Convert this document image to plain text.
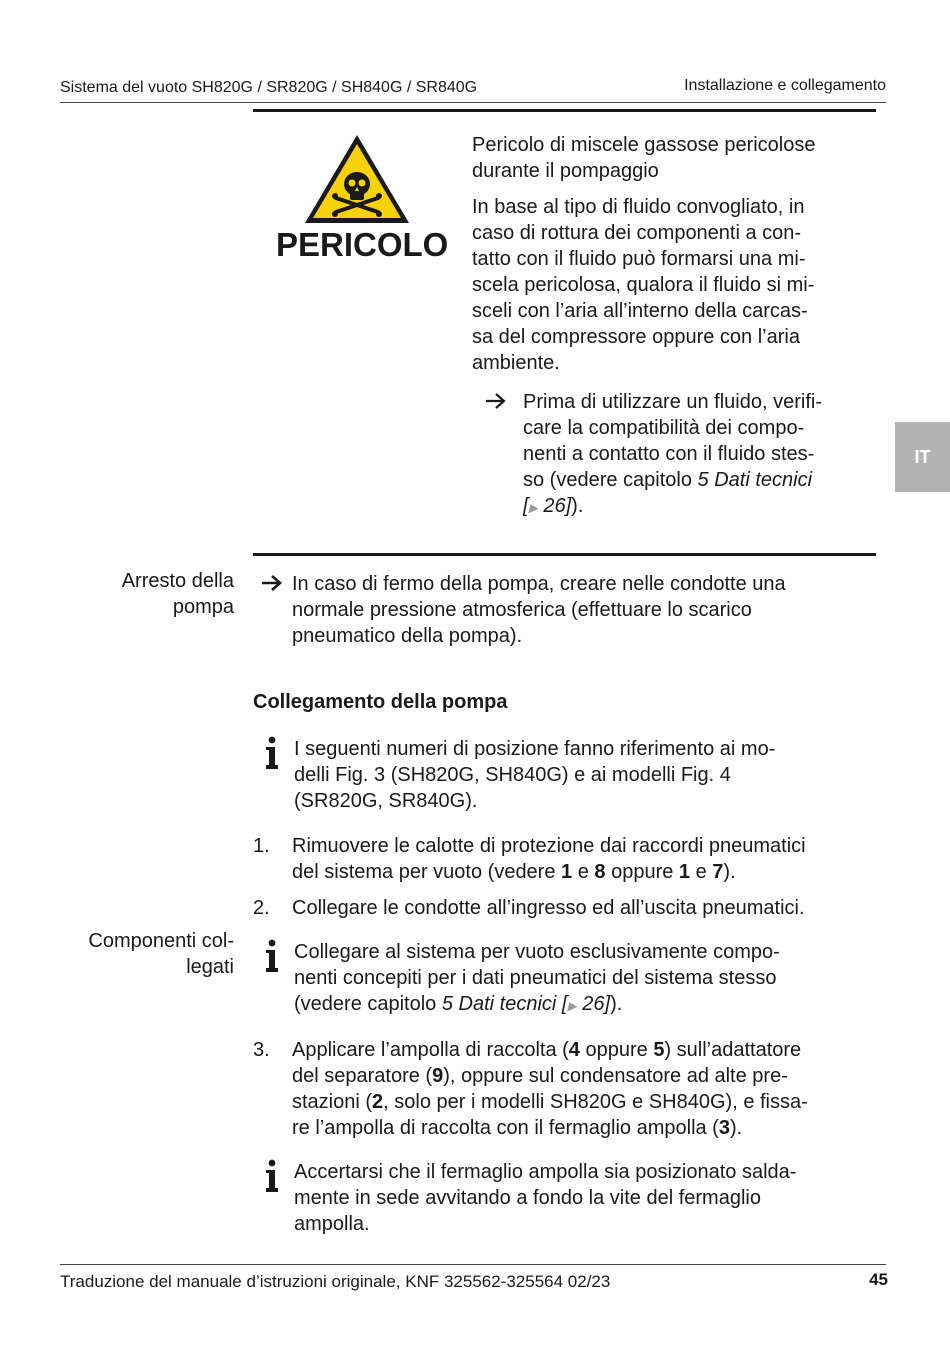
Sistema del vuoto SH820G / SR820G / SH840G / SR840G	Installazione e collegamento
IT
PERICOLO
Pericolo di miscele gassose pericolose durante il pompaggio
In base al tipo di fluido convogliato, in
caso di rottura dei componenti a con-
tatto con il fluido può formarsi una mi-
scela pericolosa, qualora il fluido si mi-
sceli con l’aria all’interno della carcas-
sa del compressore oppure con l’aria
ambiente.
Prima di utilizzare un fluido, verifi-
care la compatibilità dei compo-
nenti a contatto con il fluido stes-
so (vedere capitolo 5 Dati tecnici
[▶ 26]).
Arresto della
pompa
In caso di fermo della pompa, creare nelle condotte una
normale pressione atmosferica (effettuare lo scarico
pneumatico della pompa).
Collegamento della pompa
I seguenti numeri di posizione fanno riferimento ai mo-
delli Fig. 3 (SH820G, SH840G) e ai modelli Fig. 4
(SR820G, SR840G).
1. Rimuovere le calotte di protezione dai raccordi pneumatici
del sistema per vuoto (vedere 1 e 8 oppure 1 e 7).
2. Collegare le condotte all’ingresso ed all’uscita pneumatici.
Componenti col-
legati
Collegare al sistema per vuoto esclusivamente compo-
nenti concepiti per i dati pneumatici del sistema stesso
(vedere capitolo 5 Dati tecnici [▶ 26]).
3. Applicare l’ampolla di raccolta (4 oppure 5) sull’adattatore
del separatore (9), oppure sul condensatore ad alte pre-
stazioni (2, solo per i modelli SH820G e SH840G), e fissa-
re l’ampolla di raccolta con il fermaglio ampolla (3).
Accertarsi che il fermaglio ampolla sia posizionato salda-
mente in sede avvitando a fondo la vite del fermaglio
ampolla.
Traduzione del manuale d’istruzioni originale, KNF 325562-325564 02/23	45
